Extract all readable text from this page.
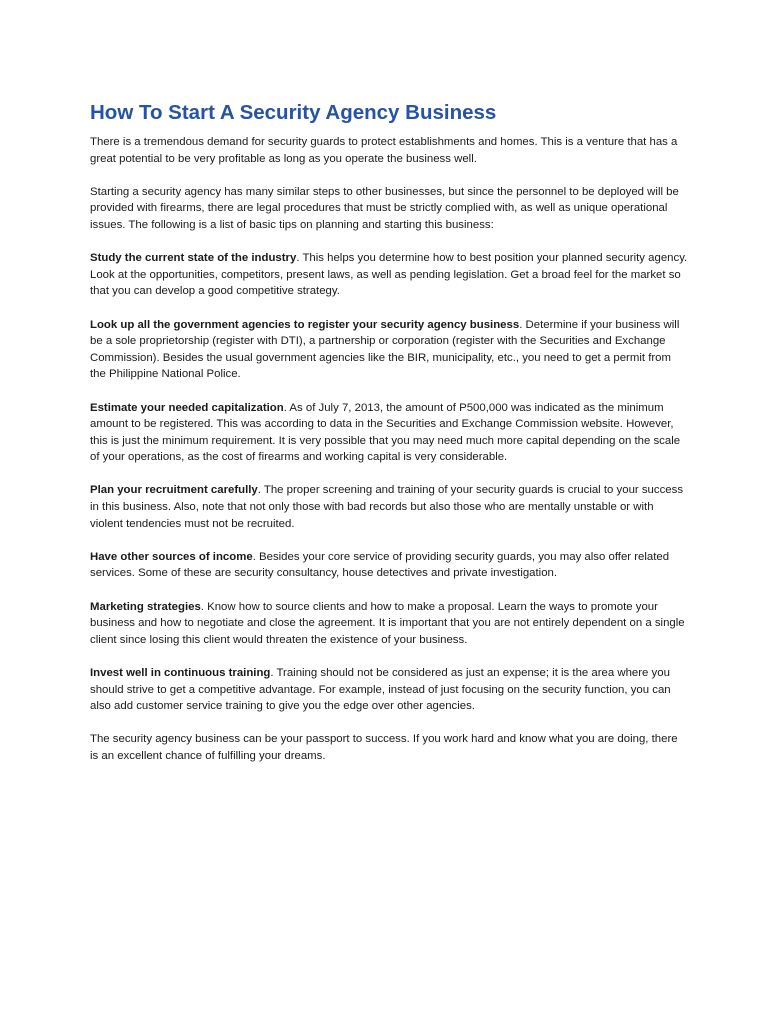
How To Start A Security Agency Business

There is a tremendous demand for security guards to protect establishments and homes. This is a venture that has a great potential to be very profitable as long as you operate the business well.

Starting a security agency has many similar steps to other businesses, but since the personnel to be deployed will be provided with firearms, there are legal procedures that must be strictly complied with, as well as unique operational issues. The following is a list of basic tips on planning and starting this business:

Study the current state of the industry. This helps you determine how to best position your planned security agency. Look at the opportunities, competitors, present laws, as well as pending legislation. Get a broad feel for the market so that you can develop a good competitive strategy.

Look up all the government agencies to register your security agency business. Determine if your business will be a sole proprietorship (register with DTI), a partnership or corporation (register with the Securities and Exchange Commission). Besides the usual government agencies like the BIR, municipality, etc., you need to get a permit from the Philippine National Police.

Estimate your needed capitalization. As of July 7, 2013, the amount of P500,000 was indicated as the minimum amount to be registered. This was according to data in the Securities and Exchange Commission website. However, this is just the minimum requirement. It is very possible that you may need much more capital depending on the scale of your operations, as the cost of firearms and working capital is very considerable.

Plan your recruitment carefully. The proper screening and training of your security guards is crucial to your success in this business. Also, note that not only those with bad records but also those who are mentally unstable or with violent tendencies must not be recruited.

Have other sources of income. Besides your core service of providing security guards, you may also offer related services. Some of these are security consultancy, house detectives and private investigation.

Marketing strategies. Know how to source clients and how to make a proposal. Learn the ways to promote your business and how to negotiate and close the agreement. It is important that you are not entirely dependent on a single client since losing this client would threaten the existence of your business.

Invest well in continuous training. Training should not be considered as just an expense; it is the area where you should strive to get a competitive advantage. For example, instead of just focusing on the security function, you can also add customer service training to give you the edge over other agencies.

The security agency business can be your passport to success. If you work hard and know what you are doing, there is an excellent chance of fulfilling your dreams.
